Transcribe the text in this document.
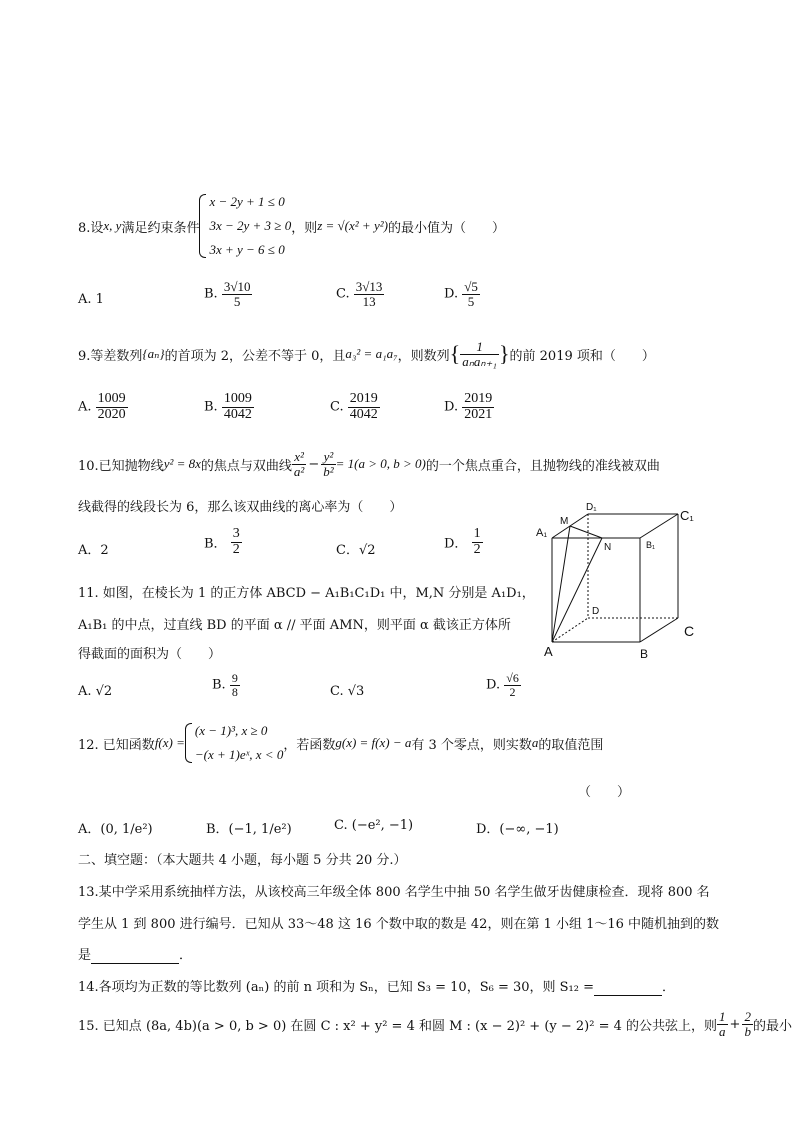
8.设 x, y 满足约束条件
x − 2y + 1 ≤ 0
3x − 2y + 3 ≥ 0
3x + y − 6 ≤ 0
，则 z = √(x² + y²) 的最小值为（　　）
A. 1	B. $\frac{3√10}{5}$	C. $\frac{3√13}{13}$	D. $\frac{√5}{5}$
9.等差数列 {aₙ} 的首项为 2，公差不等于 0，且 a₃² = a₁a₇ ，则数列 { $\frac{1}{\text{aₙaₙ₊₁}}$ } 的前 2019 项和（　　）
A. $\frac{1009}{2020}$	B. $\frac{1009}{4042}$	C. $\frac{2019}{4042}$	D. $\frac{2019}{2021}$
10.已知抛物线 y² = 8x 的焦点与双曲线 $\frac{\text{x²}}{\text{a²}} - \frac{\text{y²}}{\text{b²}} = 1(a > 0$, b > 0) 的一个焦点重合，且抛物线的准线被双曲
线截得的线段长为 6，那么该双曲线的离心率为（　　）
A．2	B． $\frac{3}{2}$	C．√2	D． $\frac{1}{2}$	A₁
M
D₁
C₁
N	B₁
D
C
A	B
11. 如图，在棱长为 1 的正方体 ABCD − A₁B₁C₁D₁ 中，M,N 分别是 A₁D₁，
A₁B₁ 的中点，过直线 BD 的平面 α // 平面 AMN，则平面 α 截该正方体所
得截面的面积为（　　）
A. √2	B. $\frac{9}{8}$	C. √3	D. $\frac{√6}{2}$
12. 已知函数 f(x) =
(x − 1)³, x ≥ 0
−(x + 1)eˣ, x < 0
，若函数 g(x) = f(x) − a 有 3 个零点，则实数 a 的取值范围
（　　）
A．(0, 1/e²)	B．(−1, 1/e²)	C. (−e², −1)	D．(−∞, −1)
二、填空题：（本大题共 4 小题，每小题 5 分共 20 分.）
13.某中学采用系统抽样方法，从该校高三年级全体 800 名学生中抽 50 名学生做牙齿健康检查．现将 800 名
学生从 1 到 800 进行编号．已知从 33～48 这 16 个数中取的数是 42，则在第 1 小组 1～16 中随机抽到的数
是	．
14.各项均为正数的等比数列 (aₙ) 的前 n 项和为 Sₙ，已知 S₃ = 10，S₆ = 30，则 S₁₂ =	．
15. 已知点 (8a, 4b)(a > 0, b > 0) 在圆 C : x² + y² = 4 和圆 M : (x − 2)² + (y − 2)² = 4 的公共弦上，则 $\frac{1}{a} + \frac{2}{b}$ 的最小
